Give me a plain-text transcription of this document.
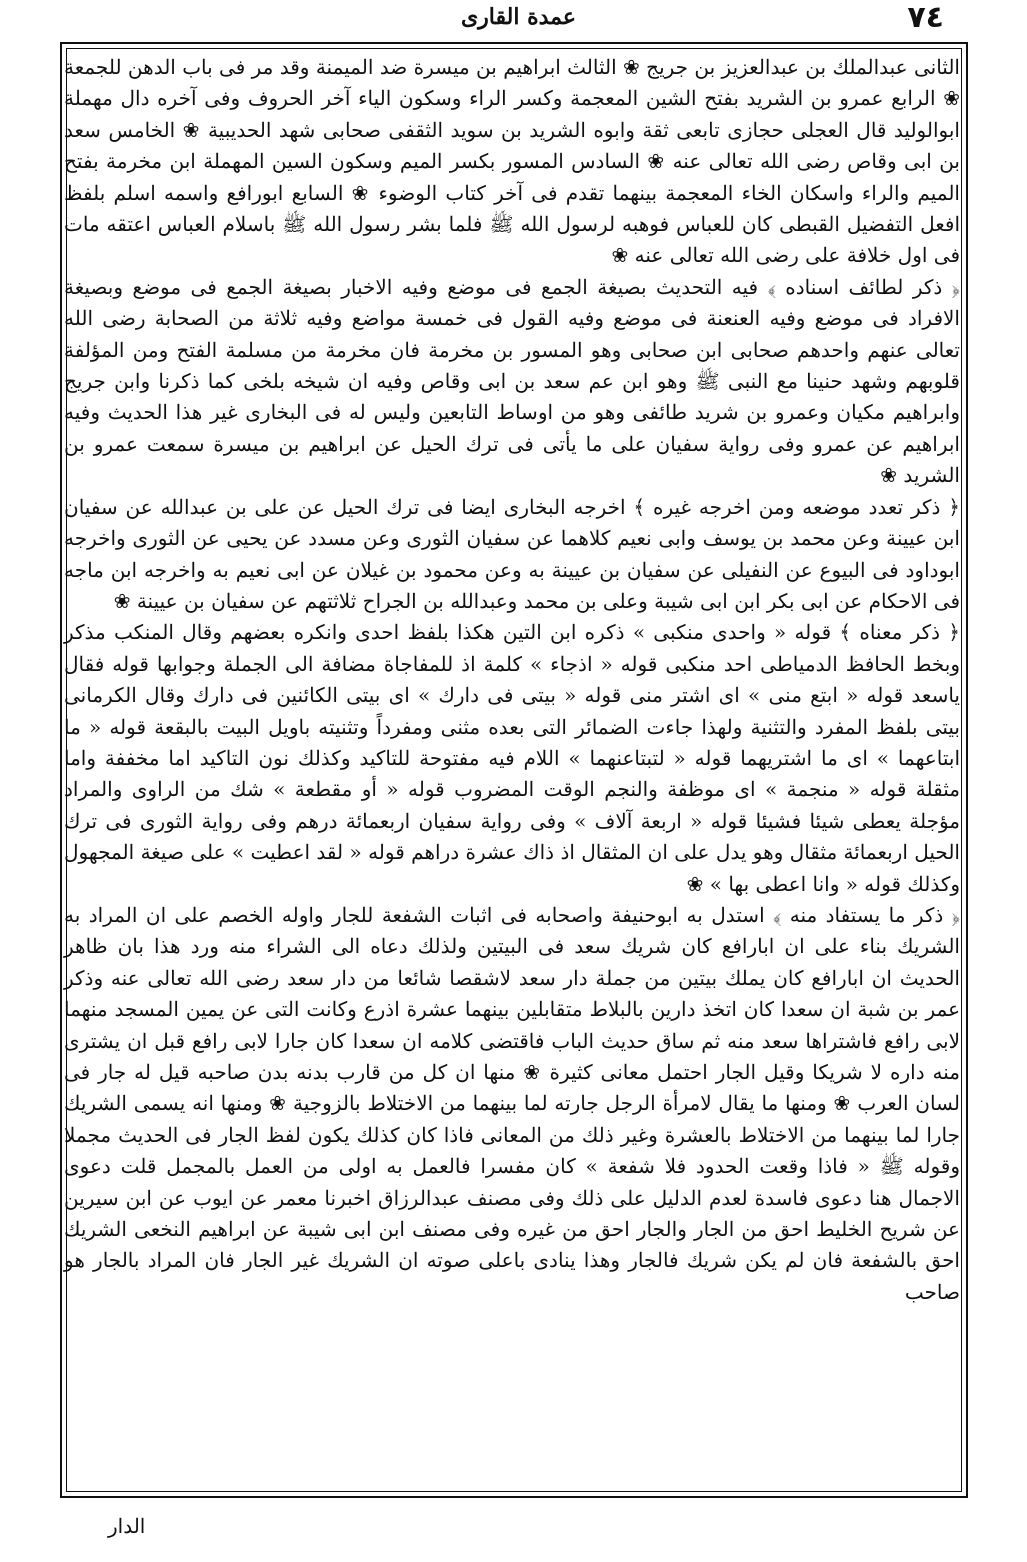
٧٤
عمدة القارى

الثانى عبدالملك بن عبدالعزيز بن جريج ❀ الثالث ابراهيم بن ميسرة ضد الميمنة وقد مر فى باب الدهن للجمعة ❀ الرابع عمرو بن الشريد بفتح الشين المعجمة وكسر الراء وسكون الياء آخر الحروف وفى آخره دال مهملة ابوالوليد قال العجلى حجازى تابعى ثقة وابوه الشريد بن سويد الثقفى صحابى شهد الحديبية ❀ الخامس سعد بن ابى وقاص رضى الله تعالى عنه ❀ السادس المسور بكسر الميم وسكون السين المهملة ابن مخرمة بفتح الميم والراء واسكان الخاء المعجمة بينهما تقدم فى آخر كتاب الوضوء ❀ السابع ابورافع واسمه اسلم بلفظ افعل التفضيل القبطى كان للعباس فوهبه لرسول الله ﷺ فلما بشر رسول الله ﷺ باسلام العباس اعتقه مات فى اول خلافة على رضى الله تعالى عنه ❀

﴿ ذكر لطائف اسناده ﴾ فيه التحديث بصيغة الجمع فى موضع وفيه الاخبار بصيغة الجمع فى موضع وبصيغة الافراد فى موضع وفيه العنعنة فى موضع وفيه القول فى خمسة مواضع وفيه ثلاثة من الصحابة رضى الله تعالى عنهم واحدهم صحابى ابن صحابى وهو المسور بن مخرمة فان مخرمة من مسلمة الفتح ومن المؤلفة قلوبهم وشهد حنينا مع النبى ﷺ وهو ابن عم سعد بن ابى وقاص وفيه ان شيخه بلخى كما ذكرنا وابن جريج وابراهيم مكيان وعمرو بن شريد طائفى وهو من اوساط التابعين وليس له فى البخارى غير هذا الحديث وفيه ابراهيم عن عمرو وفى رواية سفيان على ما يأتى فى ترك الحيل عن ابراهيم بن ميسرة سمعت عمرو بن الشريد ❀

﴿ ذكر تعدد موضعه ومن اخرجه غيره ﴾ اخرجه البخارى ايضا فى ترك الحيل عن على بن عبدالله عن سفيان ابن عيينة وعن محمد بن يوسف وابى نعيم كلاهما عن سفيان الثورى وعن مسدد عن يحيى عن الثورى واخرجه ابوداود فى البيوع عن النفيلى عن سفيان بن عيينة به وعن محمود بن غيلان عن ابى نعيم به واخرجه ابن ماجه فى الاحكام عن ابى بكر ابن ابى شيبة وعلى بن محمد وعبدالله بن الجراح ثلاثتهم عن سفيان بن عيينة ❀

﴿ ذكر معناه ﴾ قوله « واحدى منكبى » ذكره ابن التين هكذا بلفظ احدى وانكره بعضهم وقال المنكب مذكر وبخط الحافظ الدمياطى احد منكبى قوله « اذجاء » كلمة اذ للمفاجاة مضافة الى الجملة وجوابها قوله فقال ياسعد قوله « ابتع منى » اى اشتر منى قوله « بيتى فى دارك » اى بيتى الكائنين فى دارك وقال الكرمانى بيتى بلفظ المفرد والتثنية ولهذا جاءت الضمائر التى بعده مثنى ومفرداً وتثنيته باويل البيت بالبقعة قوله « ما ابتاعهما » اى ما اشتريهما قوله « لتبتاعنهما » اللام فيه مفتوحة للتاكيد وكذلك نون التاكيد اما مخففة واما مثقلة قوله « منجمة » اى موظفة والنجم الوقت المضروب قوله « أو مقطعة » شك من الراوى والمراد مؤجلة يعطى شيئا فشيئا قوله « اربعة آلاف » وفى رواية سفيان اربعمائة درهم وفى رواية الثورى فى ترك الحيل اربعمائة مثقال وهو يدل على ان المثقال اذ ذاك عشرة دراهم قوله « لقد اعطيت » على صيغة المجهول وكذلك قوله « وانا اعطى بها » ❀

﴿ ذكر ما يستفاد منه ﴾ استدل به ابوحنيفة واصحابه فى اثبات الشفعة للجار واوله الخصم على ان المراد به الشريك بناء على ان ابارافع كان شريك سعد فى البيتين ولذلك دعاه الى الشراء منه ورد هذا بان ظاهر الحديث ان ابارافع كان يملك بيتين من جملة دار سعد لاشقصا شائعا من دار سعد رضى الله تعالى عنه وذكر عمر بن شبة ان سعدا كان اتخذ دارين بالبلاط متقابلين بينهما عشرة اذرع وكانت التى عن يمين المسجد منهما لابى رافع فاشتراها سعد منه ثم ساق حديث الباب فاقتضى كلامه ان سعدا كان جارا لابى رافع قبل ان يشترى منه داره لا شريكا وقيل الجار احتمل معانى كثيرة ❀ منها ان كل من قارب بدنه بدن صاحبه قيل له جار فى لسان العرب ❀ ومنها ما يقال لامرأة الرجل جارته لما بينهما من الاختلاط بالزوجية ❀ ومنها انه يسمى الشريك جارا لما بينهما من الاختلاط بالعشرة وغير ذلك من المعانى فاذا كان كذلك يكون لفظ الجار فى الحديث مجملا وقوله ﷺ « فاذا وقعت الحدود فلا شفعة » كان مفسرا فالعمل به اولى من العمل بالمجمل قلت دعوى الاجمال هنا دعوى فاسدة لعدم الدليل على ذلك وفى مصنف عبدالرزاق اخبرنا معمر عن ايوب عن ابن سيرين عن شريح الخليط احق من الجار والجار احق من غيره وفى مصنف ابن ابى شيبة عن ابراهيم النخعى الشريك احق بالشفعة فان لم يكن شريك فالجار وهذا ينادى باعلى صوته ان الشريك غير الجار فان المراد بالجار هو صاحب

الدار
